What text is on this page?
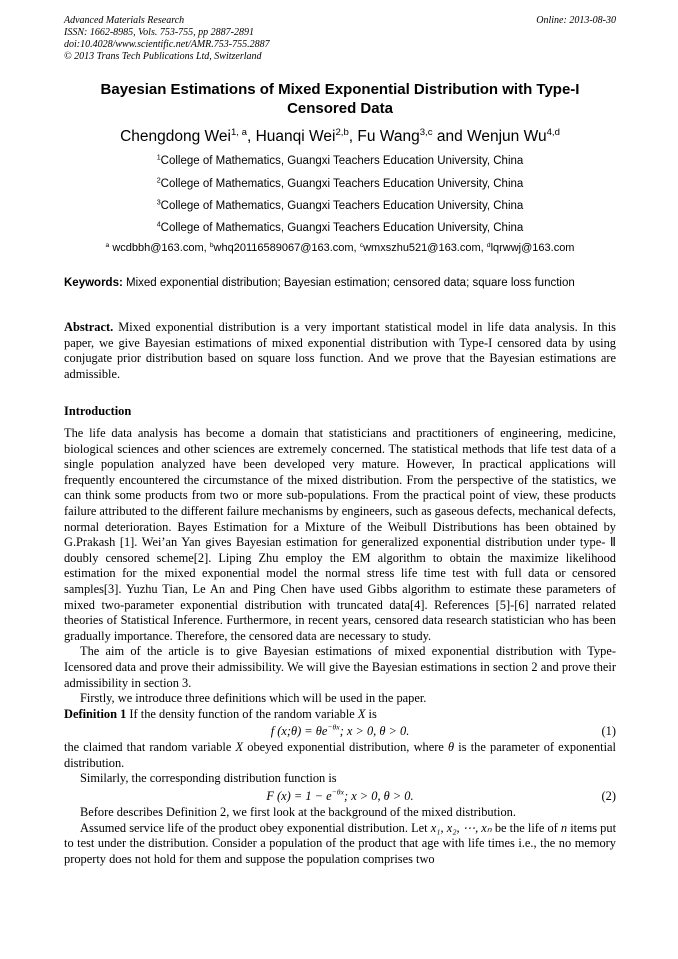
Advanced Materials Research
ISSN: 1662-8985, Vols. 753-755, pp 2887-2891
doi:10.4028/www.scientific.net/AMR.753-755.2887
© 2013 Trans Tech Publications Ltd, Switzerland
Online: 2013-08-30
Bayesian Estimations of Mixed Exponential Distribution with Type-I
Censored Data
Chengdong Wei$^{1, a}$, Huanqi Wei$^{2,b}$, Fu Wang$^{3,c}$ and Wenjun Wu$^{4,d}$
$^1$College of Mathematics, Guangxi Teachers Education University, China
$^2$College of Mathematics, Guangxi Teachers Education University, China
$^3$College of Mathematics, Guangxi Teachers Education University, China
$^4$College of Mathematics, Guangxi Teachers Education University, China
$^a$ wcdbbh@163.com, $^b$whq20116589067@163.com, $^c$wmxszhu521@163.com, $^d$lqrwwj@163.com
Keywords: Mixed exponential distribution; Bayesian estimation; censored data; square loss function
Abstract. Mixed exponential distribution is a very important statistical model in life data analysis. In this paper, we give Bayesian estimations of mixed exponential distribution with Type-I censored data by using conjugate prior distribution based on square loss function. And we prove that the Bayesian estimations are admissible.
Introduction

The life data analysis has become a domain that statisticians and practitioners of engineering, medicine, biological sciences and other sciences are extremely concerned. The statistical methods that life test data of a single population analyzed have been developed very mature. However, In practical applications will frequently encountered the circumstance of the mixed distribution. From the perspective of the statistics, we can think some products from two or more sub-populations. From the practical point of view, these products failure attributed to the different failure mechanisms by engineers, such as gaseous defects, mechanical defects, normal deterioration. Bayes Estimation for a Mixture of the Weibull Distributions has been obtained by G.Prakash [1]. Wei’an Yan gives Bayesian estimation for generalized exponential distribution under type- Ⅱ doubly censored scheme[2]. Liping Zhu employ the EM algorithm to obtain the maximize likelihood estimation for the mixed exponential model the normal stress life time test with full data or censored samples[3]. Yuzhu Tian, Le An and Ping Chen have used Gibbs algorithm to estimate these parameters of mixed two-parameter exponential distribution with truncated data[4]. References [5]-[6] narrated related theories of Statistical Inference. Furthermore, in recent years, censored data research statistician who has been gradually importance. Therefore, the censored data are necessary to study.

The aim of the article is to give Bayesian estimations of mixed exponential distribution with Type-Icensored data and prove their admissibility. We will give the Bayesian estimations in section 2 and prove their admissibility in section 3.

Firstly, we introduce three definitions which will be used in the paper.

Definition 1 If the density function of the random variable X is

f (x;θ) = $\theta e^{-\theta x}$; x > 0, θ > 0.	(1)

the claimed that random variable X obeyed exponential distribution, where θ is the parameter of exponential distribution.

Similarly, the corresponding distribution function is

F $(x) = 1 - e^{-\theta x}$; x > 0, θ > 0.	(2)

Before describes Definition 2, we first look at the background of the mixed distribution.

Assumed service life of the product obey exponential distribution. Let x₁, x₂, ⋯, xₙ be the life of n items put to test under the distribution. Consider a population of the product that age with life times i.e., the no memory property does not hold for them and suppose the population comprises two
